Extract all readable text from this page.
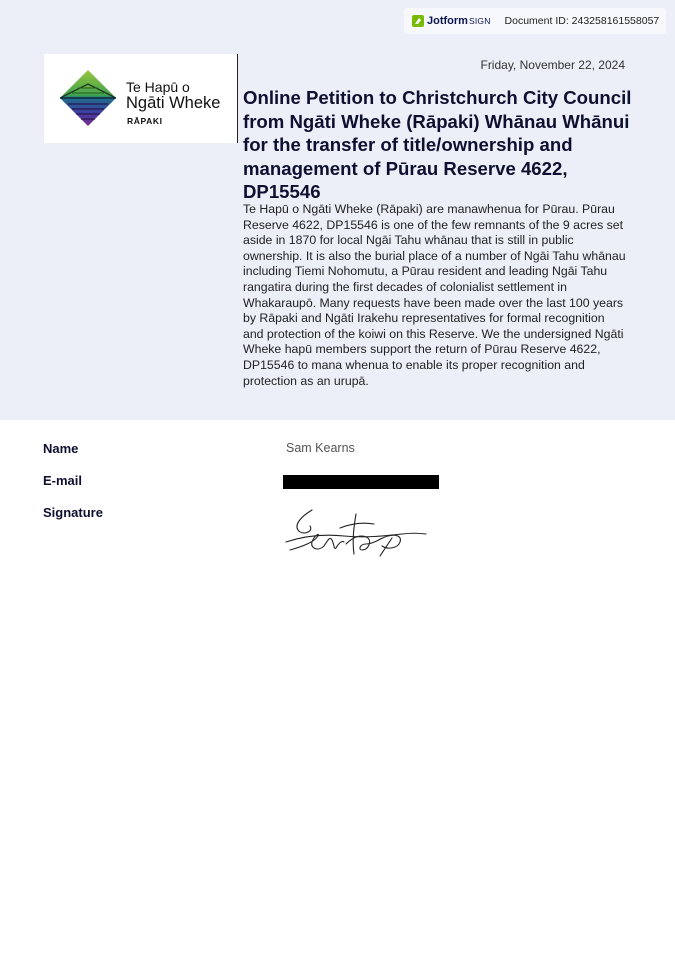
Jotform SIGN Document ID: 243258161558057
Te Hapū o
Ngāti Wheke
RĀPAKI
Friday, November 22, 2024
Online Petition to Christchurch City Council from Ngāti Wheke (Rāpaki) Whānau Whānui for the transfer of title/ownership and management of Pūrau Reserve 4622, DP15546

Te Hapū o Ngāti Wheke (Rāpaki) are manawhenua for Pūrau. Pūrau Reserve 4622, DP15546 is one of the few remnants of the 9 acres set aside in 1870 for local Ngāi Tahu whānau that is still in public ownership. It is also the burial place of a number of Ngāi Tahu whānau including Tiemi Nohomutu, a Pūrau resident and leading Ngāi Tahu rangatira during the first decades of colonialist settlement in Whakaraupō. Many requests have been made over the last 100 years by Rāpaki and Ngāti Irakehu representatives for formal recognition and protection of the koiwi on this Reserve. We the undersigned Ngāti Wheke hapū members support the return of Pūrau Reserve 4622, DP15546 to mana whenua to enable its proper recognition and protection as an urupā.

Name	Sam Kearns
E-mail
Signature
